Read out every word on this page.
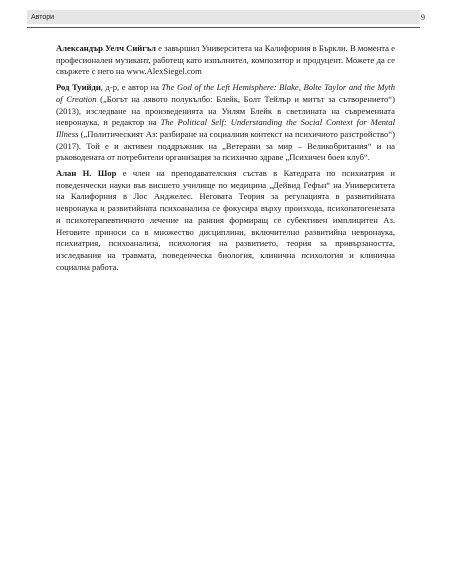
Автори	9

Александър Уелч Сийгъл е завършил Университета на Калифорния в Бъркли. В момента е професионален музикант, работещ като изпълнител, композитор и продуцент. Можете да се свържете с него на www.AlexSiegel.com

Род Туийди, д-р, е автор на The God of the Left Hemisphere: Blake, Bolte Taylor and the Myth of Creation („Богът на лявото полукълбо: Блейк, Болт Тейлър и митът за сътворението“) (2013), изследване на произведенията на Уилям Блейк в светлината на съвременната невронаука, и редактор на The Political Self: Understanding the Social Context for Mental Illness („Политическият Аз: разбиране на социалния контекст на психичното разстройство“) (2017). Той е и активен поддръжник на „Ветерани за мир – Великобритания“ и на ръководената от потребители организация за психично здраве „Психичен боен клуб“.

Алан Н. Шор е член на преподавателския състав в Катедрата по психиатрия и поведенчески науки във висшето училище по медицина „Дейвид Гефън“ на Университета на Калифорния в Лос Анджелес. Неговата Теория за регулацията в развитийната невронаука и развитийната психоанализа се фокусира върху произхода, психопатогенезата и психотерапевтичното лечение на ранния формиращ се субективен имплицитен Аз. Неговите приноси са в множество дисциплини, включително развитийна невронаука, психиатрия, психоанализа, психология на развитието, теория за привързаността, изследвания на травмата, поведенческа биология, клинична психология и клинична социална работа.
